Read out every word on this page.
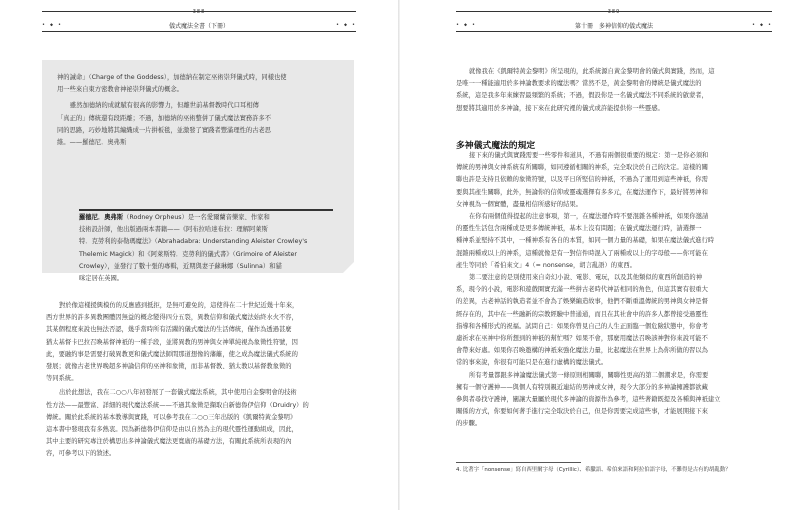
388
• ◆ •	儀式魔法全書（下冊）	• ◆ •
神的誡命」（Charge of the Goddess），加德納在制定巫術崇拜儀式時，同樣也使
用一些來自東方密教會神祕崇拜儀式的概念。
雖然加德納的成就賦有很高的影響力，但離世前基督教時代口耳相傳
「真正的」傳統還有段距離；不過，加德納的巫術整併了儀式魔法實務許多不
同的思路，巧妙地將其編織成一片拼板毯，並激發了實踐者豐滿理性的古老思
維。——羅德尼．奧弗斯
羅德尼．奧弗斯（Rodney Orpheus）是一名愛爾蘭音樂家、作家和
技術設計師，他出版過兩本書籍——《阿布拉哈達布拉：理解阿萊斯
特．克勞利的泰勒瑪魔法》（Abrahadabra: Understanding Aleister Crowley's
Thelemic Magick）和《阿萊斯特．克勞利的儀式書》（Grimoire of Aleister
Crowley），並發行了數十張的專輯，近期與妻子蘇琳娜（Sulinna）和貓
咪定居在英國。
對於像這樣援興模仿的反應感到抵拒，是無可避免的，這使得在二十世紀近幾十年來，
西方世界的許多異教團體因無益的概念變得四分五裂，異教信仰和儀式魔法始終水火不容，
其某個程度來說也無法否認，幾乎當時所有活躍的儀式魔法的生活傳統，僅作為透過甚麼
猶太基督卡巴拉召喚基督神祇的一種手段，並將異教的男神與女神單純視為象徵性符號，因
此，要融約事是需要打破異教更和儀式魔法師間那道想像的藩籬，使之成為魔法儀式系統的
發展；就像古老世界晚超多神論信仰的巫神和象徵，而非基督教、猶太教以基督教象徵的
等同系統。
出於此想法，我在二○○八年初發展了一套儀式魔法系統，其中使用自金黎明會的技術
性方法——最豐富、詳細的現代魔法系統——不過其象徵是擷取自新德魯伊信仰（Druidry）的
傳統。關於此系統的基本教導與實踐，可以參考我在二○○三年出版的《凱爾特黃金黎明》
這本書中發現我有多熱衷。因為新德魯伊信仰是由以自然為主的現代靈性運動組成，因此，
其中主要的研究專注於構思出多神論儀式魔法更寬廣的基礎方法，有關此系統所表現的內
容，可參考以下的敘述。
389
• ◆ •	第十冊　多神信仰的儀式魔法	• ◆ •
就像我在《凱爾特黃金黎明》所呈現的，此系統源自黃金黎明會的儀式與實踐，然而，這
是唯一一種能適用於多神論教要求的魔法嗎？當然不是，黃金黎明會的傳統是儀式魔法的
系統，這是我多年來練習最頻繁的系統；不過，假設你是一名儀式魔法不同系統的啟蒙者，
想要將其適用於多神論，接下來在此研究裡的儀式或許能提供你一些靈感。
多神儀式魔法的規定
接下來的儀式與實踐需要一些零件和道具，不過有兩個很重要的規定：第一是你必須和
傳統的男神與女神系統有所關聯，如同遵循相關的神系，完全取決於自己的決定。這樣的關
聯也許是支持且依賴的象徵符號，以及平日所堅信的神祇，不過為了運用到這些神祇，你需
要與其產生關聯，此外，無論你的信仰或靈魂選擇有多多元，在魔法運作下，最好將男神和
女神視為一個實體，盡量相信所感好的結果。
在你有兩個值得提起的注意事項，第一，在魔法運作時不要混雜各種神祇，如果你邀請
的靈性生活包含兩種或是更多傳統神祇，基本上沒有問題；在儀式魔法運行時，請選擇一
種神系並堅持不其中，一種神系有各自的本質，如同一個力量的基礎，如果在魔法儀式進行時
混雜兩種或以上的神系，這種就像是有一對信件時混入了兩種或以上的字母般——你可能在
產生等同於「希伯來文」4（= nonsense，胡言亂語）的東西。
第二要注意的是別使用來自奇幻小說、電影、電玩，以及其他類似的東西所創造的神
系，現今的小說，電影和遊戲圈實充滿一些拼古老時代神話相同的角色，但這其實有很重大
的差異，古老神話的執造者並不會為了娛樂編造故事，他們不斷重溫傳統的男神與女神是督
經存在的，其中在一些融新的宗教經驗中普通通，而且在其社會中的許多人都曾接受過靈性
指導和各種形式的祝福。試問自己：如果你曾見自己的人生正面臨一個危險狀態中，你會考
慮祈求在巫神中你所想到的神祇的幫忙嗎？如果不會，那麼用魔法召喚該神對你來說可能不
會帶來好處。如果你召喚邀構的神祇來強化魔法力量，比起魔法在世界上為你所做的習以為
常的事來說，你很有可能只是在進行虛構的魔法儀式。
所有考量都跟多神論魔法儀式第一條原則相關聯，關聯性更高的第二個潮求是，你需要
擁有一個守護神——與個人有特別親近連結的男神或女神，現今大部分的多神論擁護都欲藏
參與者尋找守護神，闡讓大量屬於現代多神論的資源作為參考，這些著籍既提及各種與神祇建立
關係的方式，你要如何著手進行完全取決於自己，但是你需要完成這些事，才能展開接下來
的步驟。
4. 比著字「nonsense」寫自西里爾字母（Cyrillic）、希臘語、希伯來語和阿拉伯語字母，不難得是古有的胡亂動？
